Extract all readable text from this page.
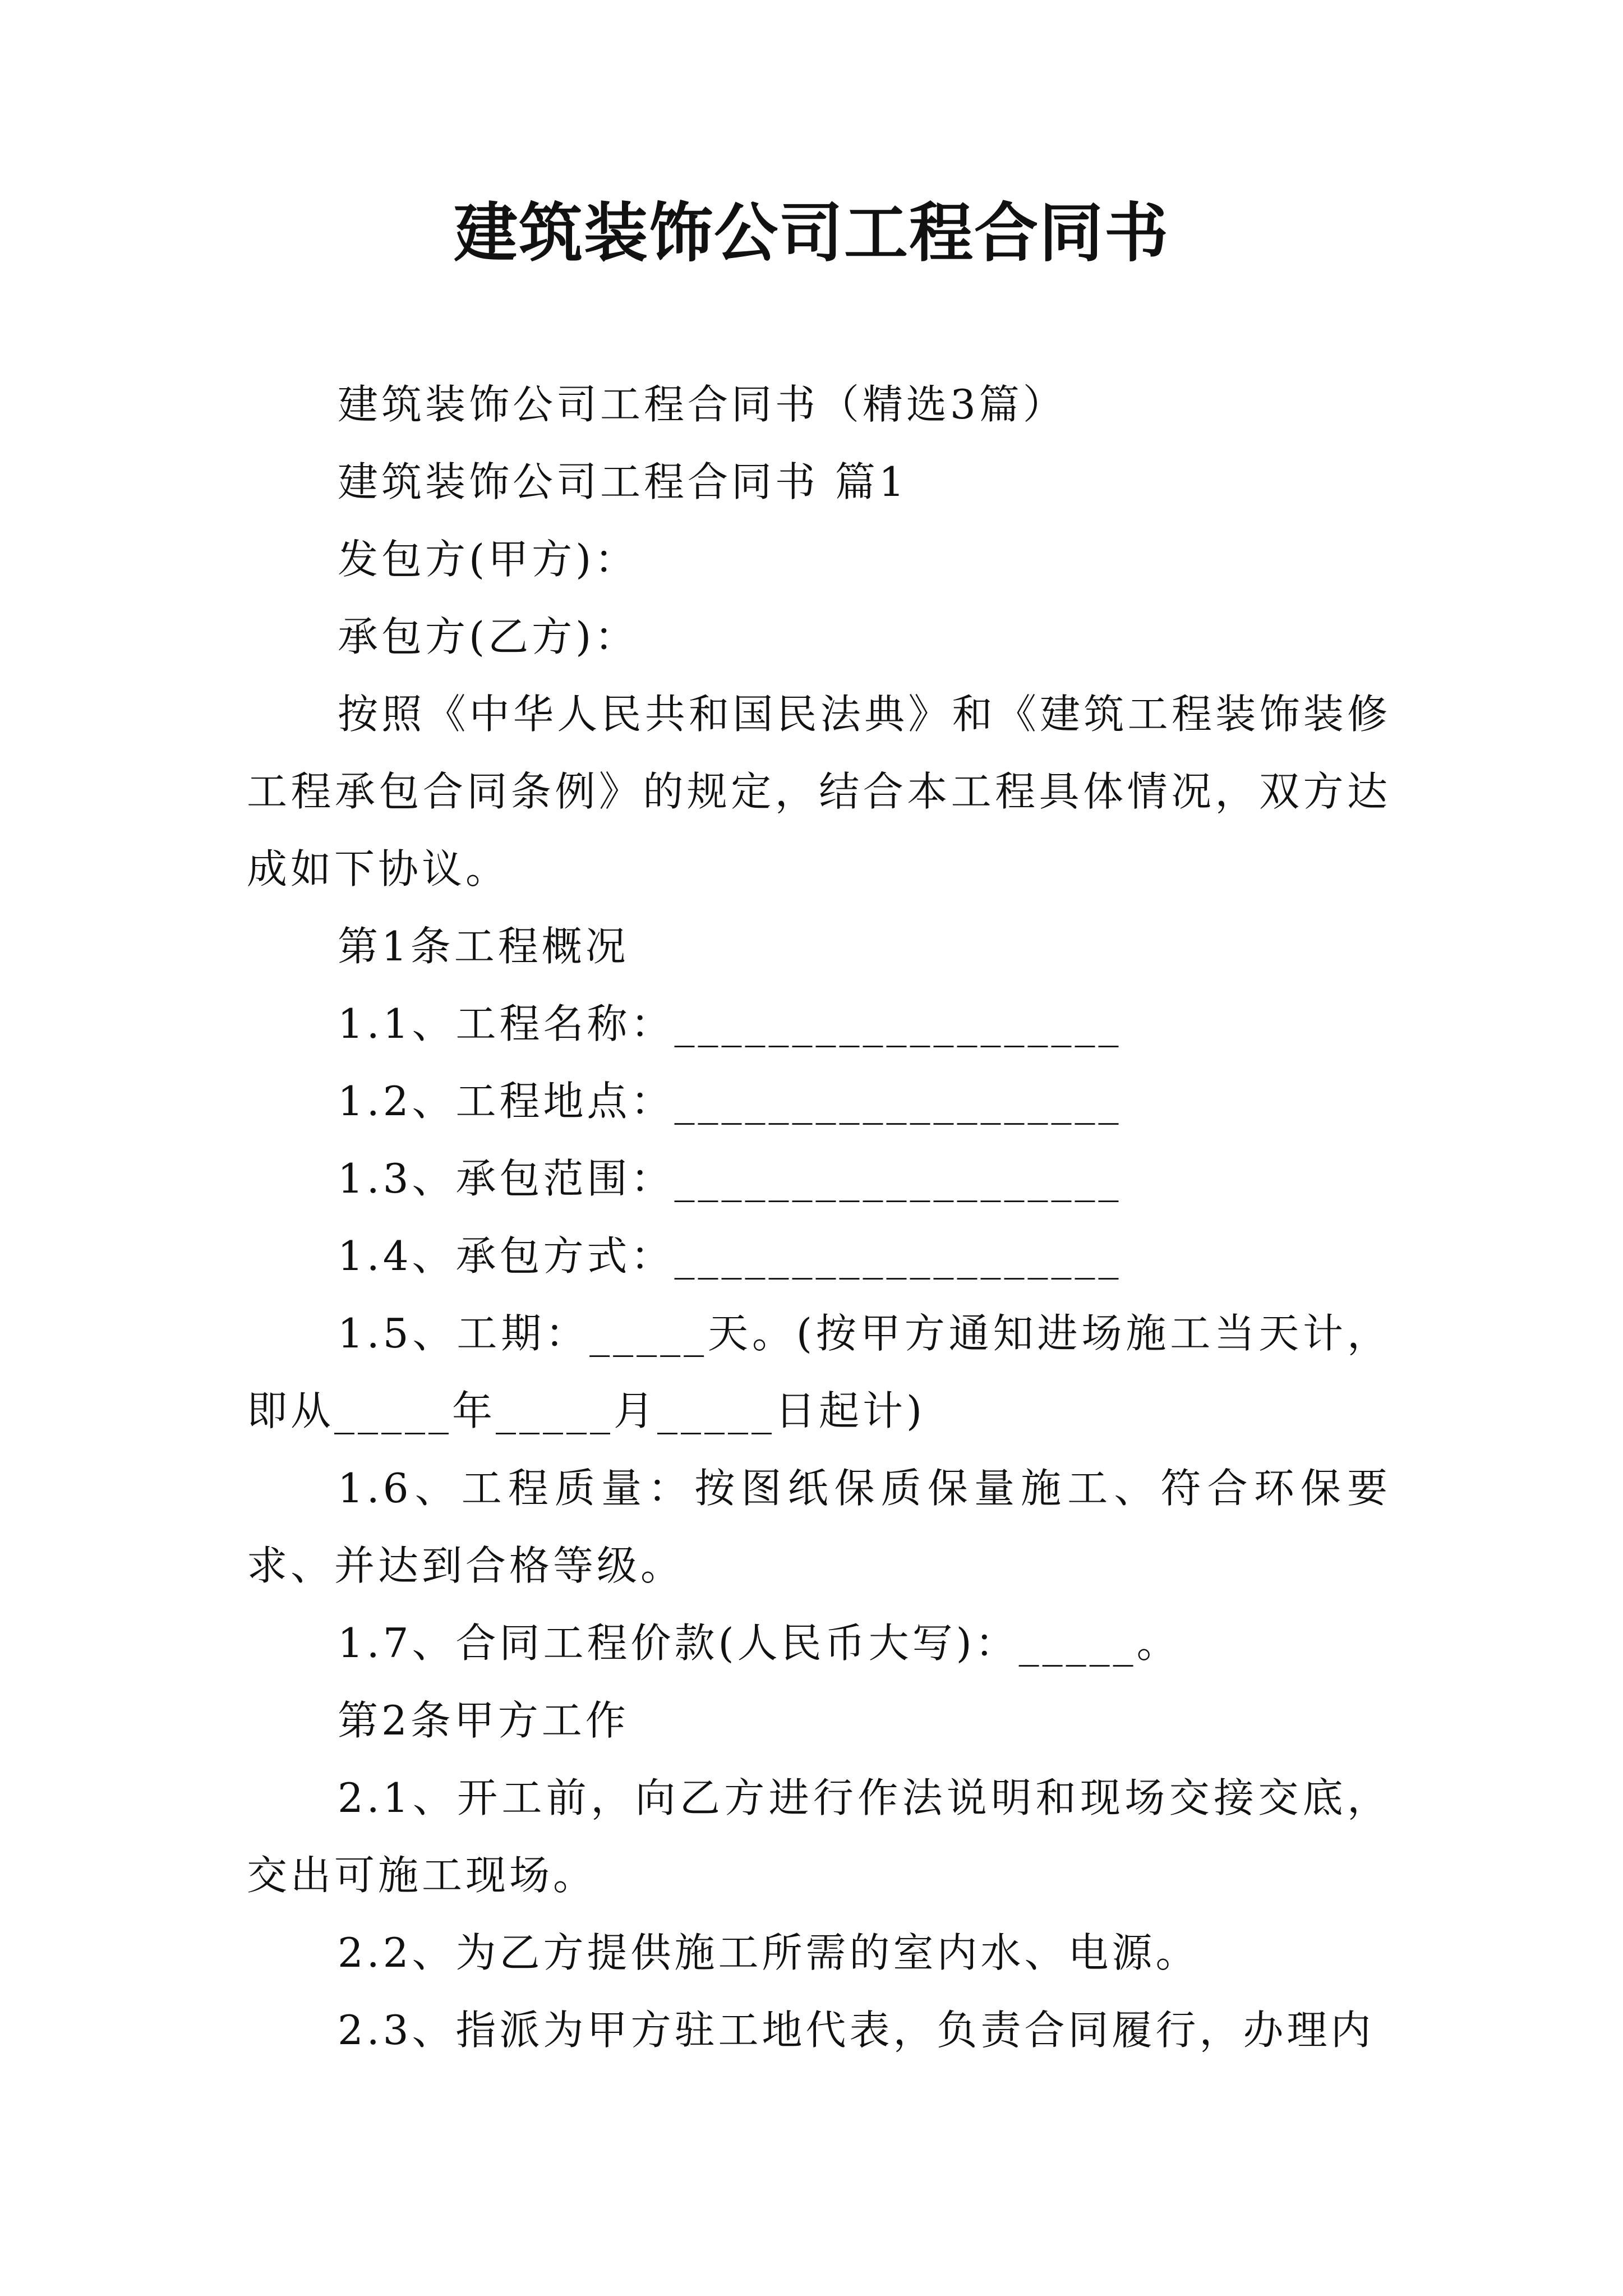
建筑装饰公司工程合同书

建筑装饰公司工程合同书（精选3篇）

建筑装饰公司工程合同书 篇1

发包方(甲方)：

承包方(乙方)：

按照《中华人民共和国民法典》和《建筑工程装饰装修工程承包合同条例》的规定，结合本工程具体情况，双方达成如下协议。

第1条工程概况

1.1、工程名称：___________________

1.2、工程地点：___________________

1.3、承包范围：___________________

1.4、承包方式：___________________

1.5、工期：_____天。(按甲方通知进场施工当天计，即从_____年_____月_____日起计)

1.6、工程质量：按图纸保质保量施工、符合环保要求、并达到合格等级。

1.7、合同工程价款(人民币大写)：_____。

第2条甲方工作

2.1、开工前，向乙方进行作法说明和现场交接交底，交出可施工现场。

2.2、为乙方提供施工所需的室内水、电源。

2.3、指派为甲方驻工地代表，负责合同履行，办理内
